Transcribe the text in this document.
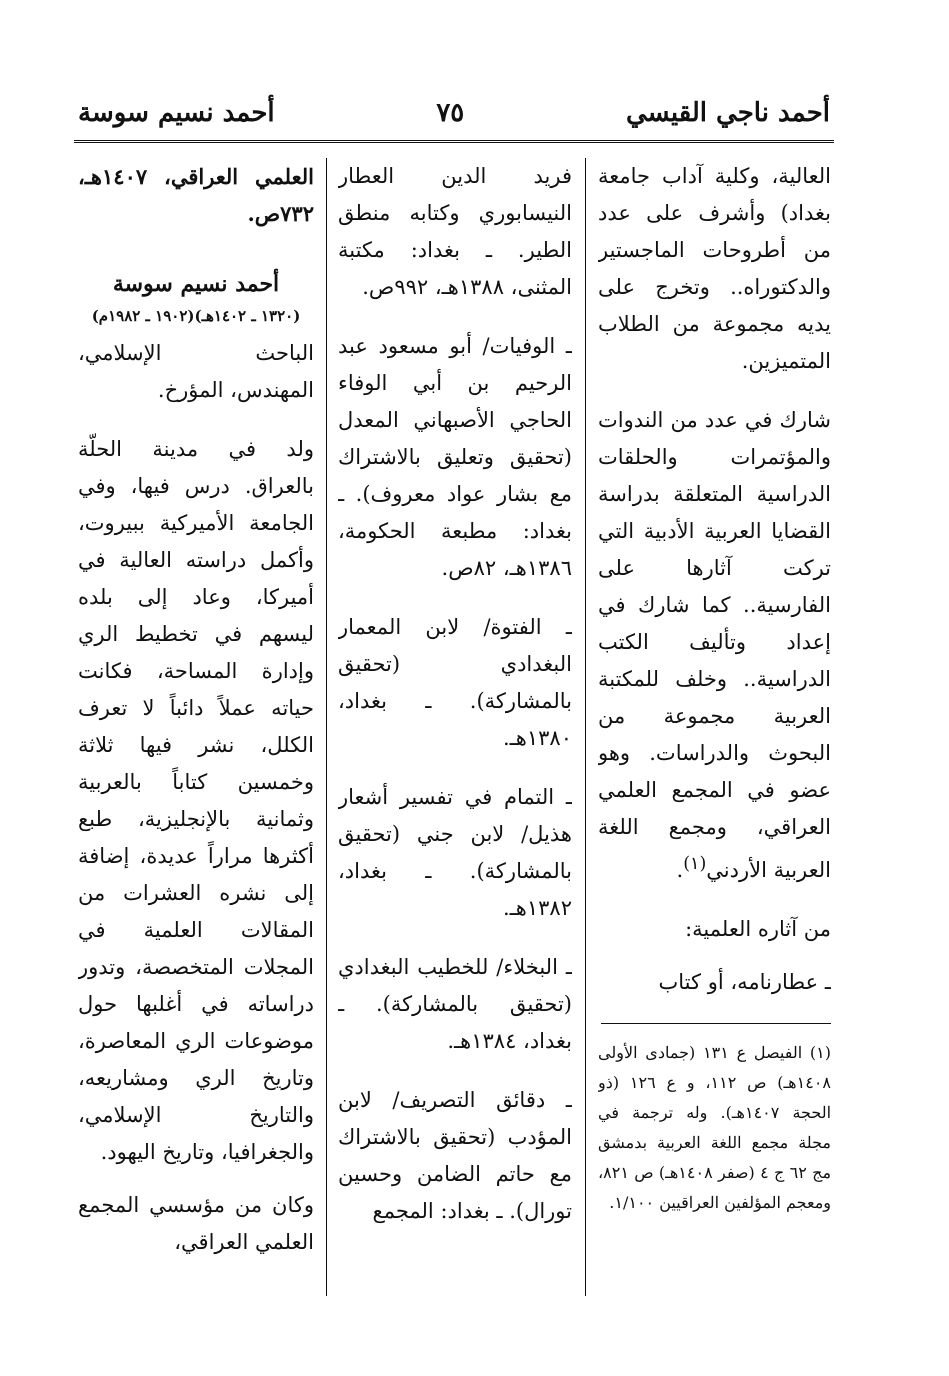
أحمد ناجي القيسي
٧٥
أحمد نسيم سوسة

العالية، وكلية آداب جامعة بغداد) وأشرف على عدد من أطروحات الماجستير والدكتوراه.. وتخرج على يديه مجموعة من الطلاب المتميزين.

شارك في عدد من الندوات والمؤتمرات والحلقات الدراسية المتعلقة بدراسة القضايا العربية الأدبية التي تركت آثارها على الفارسية.. كما شارك في إعداد وتأليف الكتب الدراسية.. وخلف للمكتبة العربية مجموعة من البحوث والدراسات. وهو عضو في المجمع العلمي العراقي، ومجمع اللغة العربية الأردني$^{(١)}$.

من آثاره العلمية:

ـ عطارنامه، أو كتاب

(١) الفيصل ع ١٣١ (جمادى الأولى ١٤٠٨هـ) ص ١١٢، و ع ١٢٦ (ذو الحجة ١٤٠٧هـ). وله ترجمة في مجلة مجمع اللغة العربية بدمشق مج ٦٢ ج ٤ (صفر ١٤٠٨هـ) ص ٨٢١، ومعجم المؤلفين العراقيين ١/١٠٠.

فريد الدين العطار النيسابوري وكتابه منطق الطير. ـ بغداد: مكتبة المثنى، ١٣٨٨هـ، ٩٩٢ص.

ـ الوفيات/ أبو مسعود عبد الرحيم بن أبي الوفاء الحاجي الأصبهاني المعدل (تحقيق وتعليق بالاشتراك مع بشار عواد معروف). ـ بغداد: مطبعة الحكومة، ١٣٨٦هـ، ٨٢ص.

ـ الفتوة/ لابن المعمار البغدادي (تحقيق بالمشاركة). ـ بغداد، ١٣٨٠هـ.

ـ التمام في تفسير أشعار هذيل/ لابن جني (تحقيق بالمشاركة). ـ بغداد، ١٣٨٢هـ.

ـ البخلاء/ للخطيب البغدادي (تحقيق بالمشاركة). ـ بغداد، ١٣٨٤هـ.

ـ دقائق التصريف/ لابن المؤدب (تحقيق بالاشتراك مع حاتم الضامن وحسين تورال). ـ بغداد: المجمع

العلمي العراقي، ١٤٠٧هـ، ٧٣٢ص.

أحمد نسيم سوسة
(١٣٢٠ ـ ١٤٠٢هـ)(١٩٠٢ ـ ١٩٨٢م)

الباحث الإسلامي، المهندس، المؤرخ.

ولد في مدينة الحلّة بالعراق. درس فيها، وفي الجامعة الأميركية ببيروت، وأكمل دراسته العالية في أميركا، وعاد إلى بلده ليسهم في تخطيط الري وإدارة المساحة، فكانت حياته عملاً دائباً لا تعرف الكلل، نشر فيها ثلاثة وخمسين كتاباً بالعربية وثمانية بالإنجليزية، طبع أكثرها مراراً عديدة، إضافة إلى نشره العشرات من المقالات العلمية في المجلات المتخصصة، وتدور دراساته في أغلبها حول موضوعات الري المعاصرة، وتاريخ الري ومشاريعه، والتاريخ الإسلامي، والجغرافيا، وتاريخ اليهود.

وكان من مؤسسي المجمع العلمي العراقي،
